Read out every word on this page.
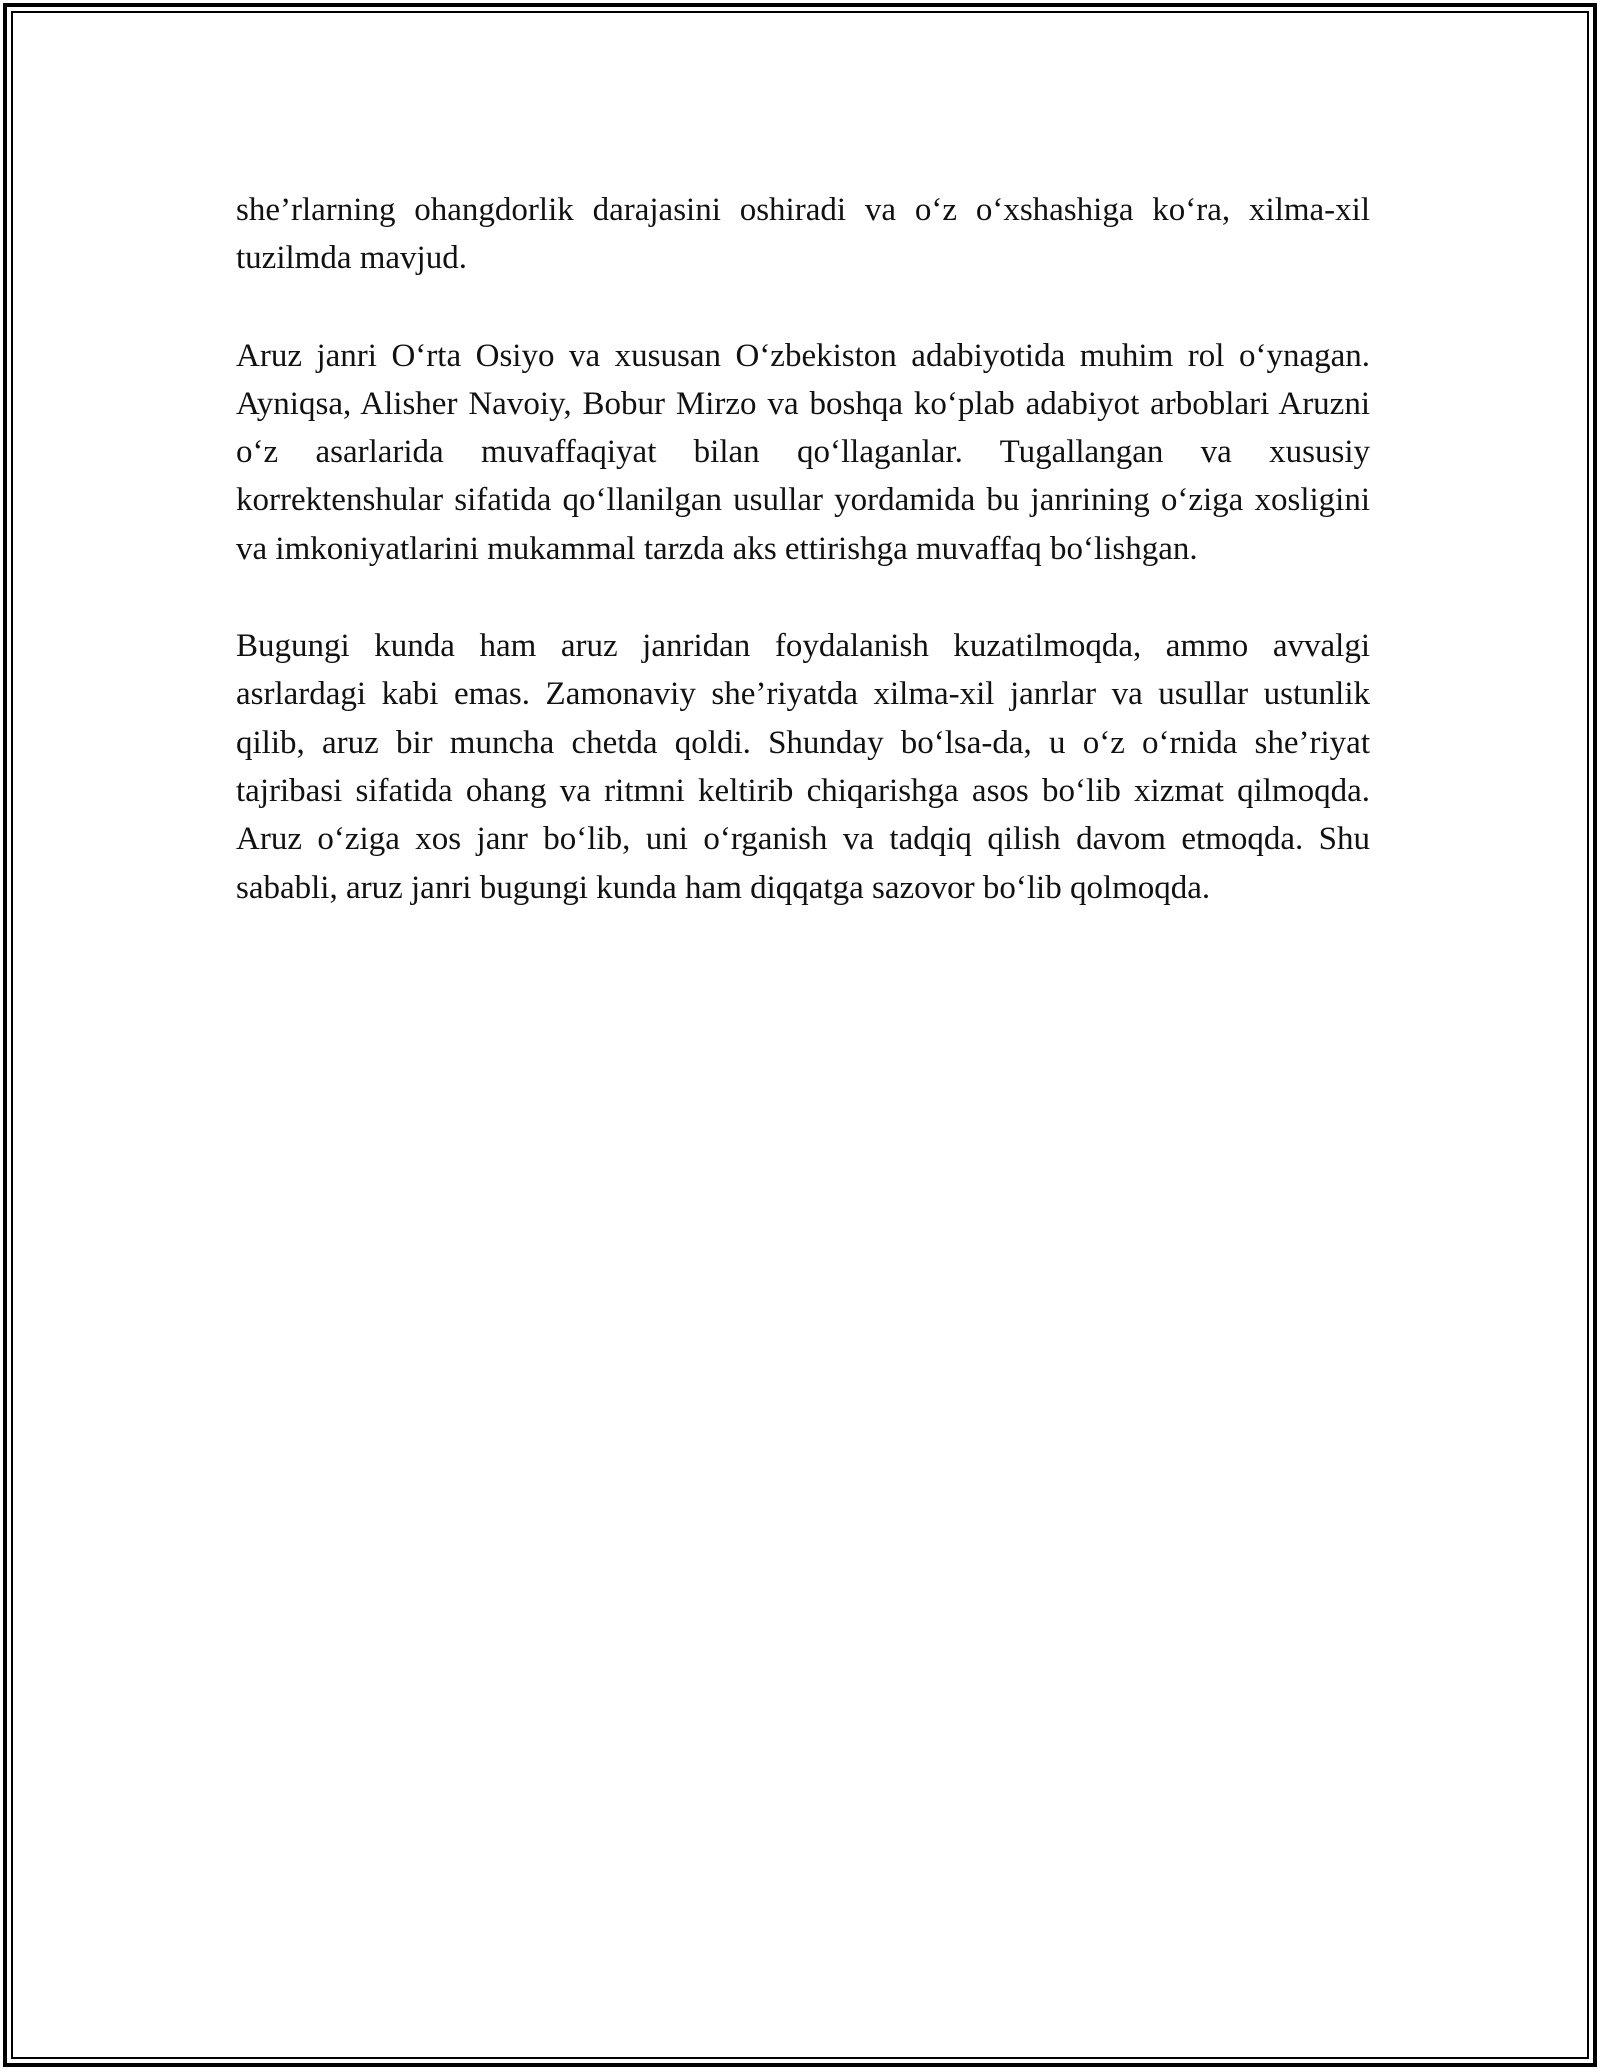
she’rlarning ohangdorlik darajasini oshiradi va o‘z o‘xshashiga ko‘ra, xilma-xil tuzilmda mavjud.

Aruz janri O‘rta Osiyo va xususan O‘zbekiston adabiyotida muhim rol o‘ynagan. Ayniqsa, Alisher Navoiy, Bobur Mirzo va boshqa ko‘plab adabiyot arboblari Aruzni o‘z asarlarida muvaffaqiyat bilan qo‘llaganlar. Tugallangan va xususiy korrektenshular sifatida qo‘llanilgan usullar yordamida bu janrining o‘ziga xosligini va imkoniyatlarini mukammal tarzda aks ettirishga muvaffaq bo‘lishgan.

Bugungi kunda ham aruz janridan foydalanish kuzatilmoqda, ammo avvalgi asrlardagi kabi emas. Zamonaviy she’riyatda xilma-xil janrlar va usullar ustunlik qilib, aruz bir muncha chetda qoldi. Shunday bo‘lsa-da, u o‘z o‘rnida she’riyat tajribasi sifatida ohang va ritmni keltirib chiqarishga asos bo‘lib xizmat qilmoqda. Aruz o‘ziga xos janr bo‘lib, uni o‘rganish va tadqiq qilish davom etmoqda. Shu sababli, aruz janri bugungi kunda ham diqqatga sazovor bo‘lib qolmoqda.
